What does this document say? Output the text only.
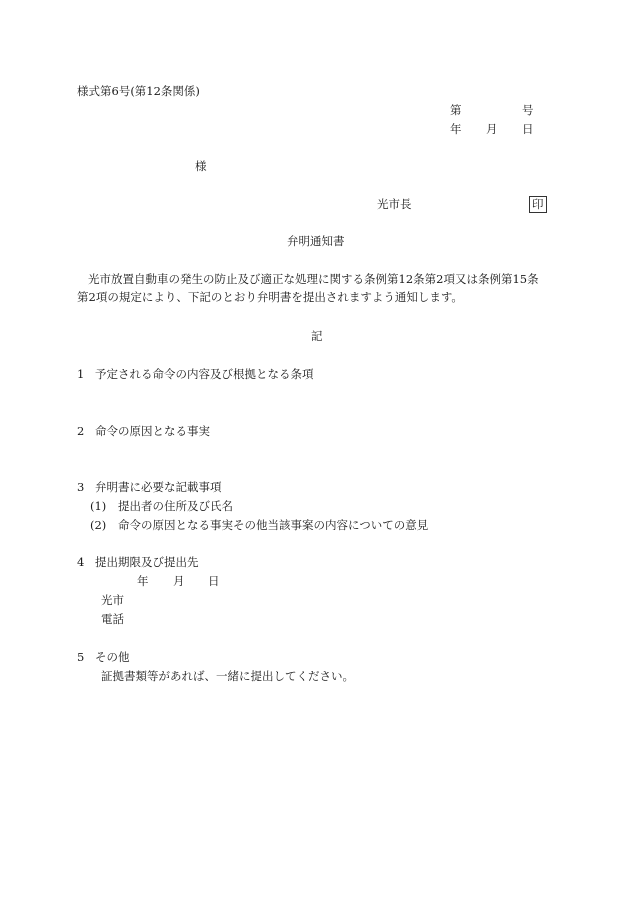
様式第6号(第12条関係)
第	号
年 月 日
様
光市長	印
弁明通知書
光市放置自動車の発生の防止及び適正な処理に関する条例第12条第2項又は条例第15条
第2項の規定により、下記のとおり弁明書を提出されますよう通知します。
記
1 予定される命令の内容及び根拠となる条項
2 命令の原因となる事実
3 弁明書に必要な記載事項
(1) 提出者の住所及び氏名
(2) 命令の原因となる事実その他当該事案の内容についての意見
4 提出期限及び提出先
年 月 日
光市
電話
5 その他
証拠書類等があれば、一緒に提出してください。
